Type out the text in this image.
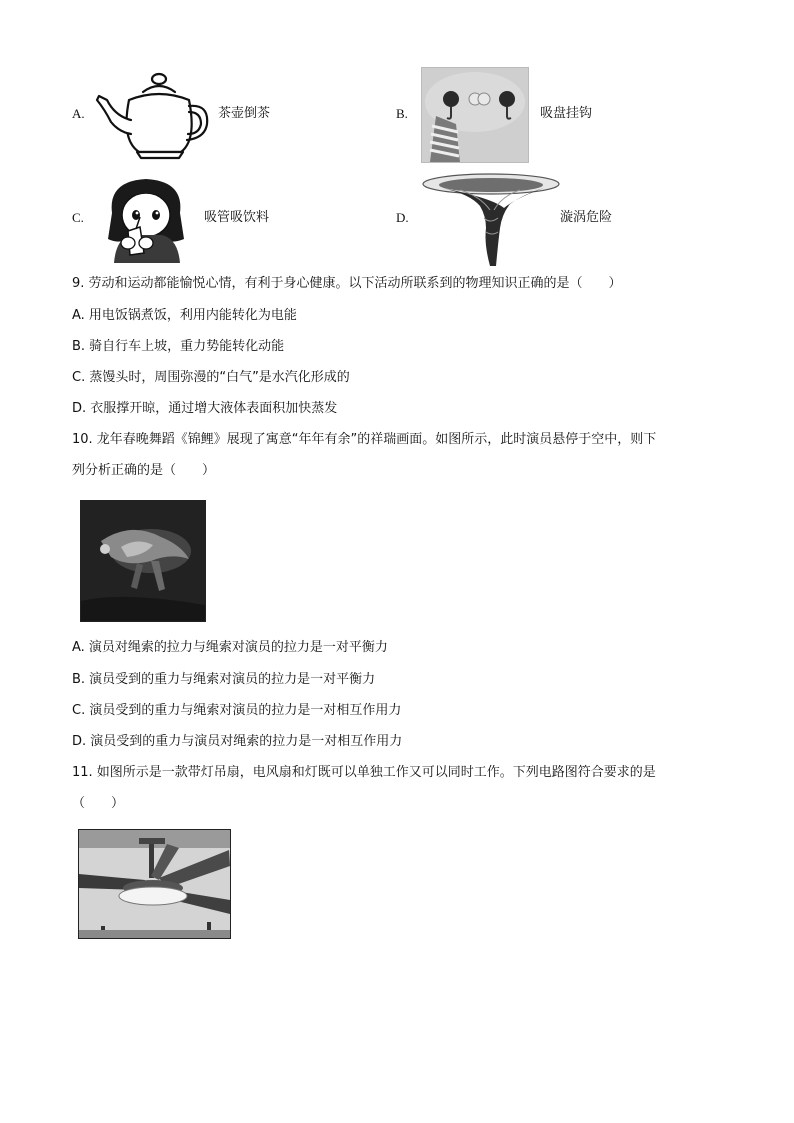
A.	茶壶倒茶	B.	吸盘挂钩
C.	吸管吸饮料	D.	漩涡危险
9. 劳动和运动都能愉悦心情，有利于身心健康。以下活动所联系到的物理知识正确的是（　　）
A. 用电饭锅煮饭，利用内能转化为电能
B. 骑自行车上坡，重力势能转化动能
C. 蒸馒头时，周围弥漫的“白气”是水汽化形成的
D. 衣服撑开晾，通过增大液体表面积加快蒸发
10. 龙年春晚舞蹈《锦鲤》展现了寓意“年年有余”的祥瑞画面。如图所示，此时演员悬停于空中，则下
列分析正确的是（　　）
A. 演员对绳索的拉力与绳索对演员的拉力是一对平衡力
B. 演员受到的重力与绳索对演员的拉力是一对平衡力
C. 演员受到的重力与绳索对演员的拉力是一对相互作用力
D. 演员受到的重力与演员对绳索的拉力是一对相互作用力
11. 如图所示是一款带灯吊扇，电风扇和灯既可以单独工作又可以同时工作。下列电路图符合要求的是
（　　）
